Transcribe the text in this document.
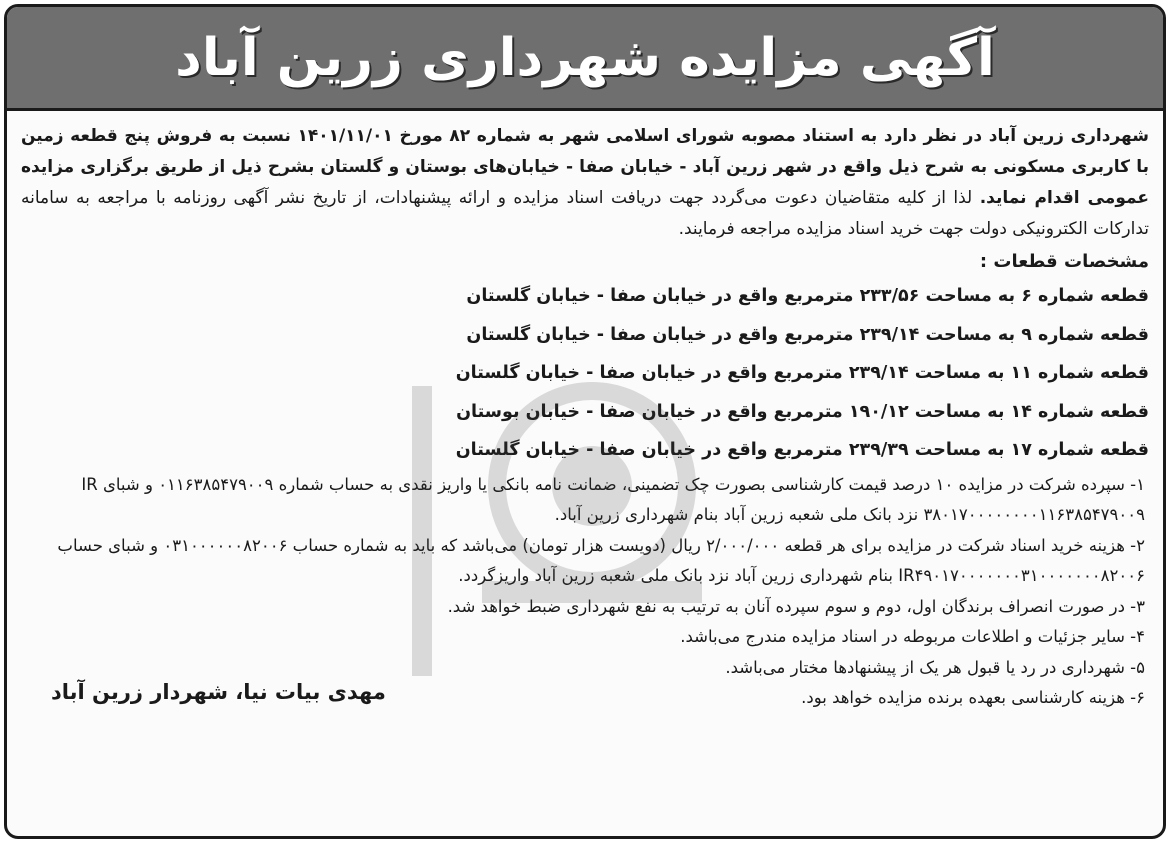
آگهی مزایده شهرداری زرین آباد

شهرداری زرین آباد در نظر دارد به استناد مصوبه شورای اسلامی شهر به شماره ۸۲ مورخ ۱۴۰۱/۱۱/۰۱ نسبت به فروش پنج قطعه زمین با کاربری مسکونی به شرح ذیل واقع در شهر زرین آباد - خیابان صفا - خیابان‌های بوستان و گلستان بشرح ذیل از طریق برگزاری مزایده عمومی اقدام نماید. لذا از کلیه متقاضیان دعوت می‌گردد جهت دریافت اسناد مزایده و ارائه پیشنهادات، از تاریخ نشر آگهی روزنامه با مراجعه به سامانه تدارکات الکترونیکی دولت جهت خرید اسناد مزایده مراجعه فرمایند.

مشخصات قطعات :
قطعه شماره ۶ به مساحت ۲۳۳/۵۶ مترمربع واقع در خیابان صفا - خیابان گلستان
قطعه شماره ۹ به مساحت ۲۳۹/۱۴ مترمربع واقع در خیابان صفا - خیابان گلستان
قطعه شماره ۱۱ به مساحت ۲۳۹/۱۴ مترمربع واقع در خیابان صفا - خیابان گلستان
قطعه شماره ۱۴ به مساحت ۱۹۰/۱۲ مترمربع واقع در خیابان صفا - خیابان بوستان
قطعه شماره ۱۷ به مساحت ۲۳۹/۳۹ مترمربع واقع در خیابان صفا - خیابان گلستان
۱- سپرده شرکت در مزایده ۱۰ درصد قیمت کارشناسی بصورت چک تضمینی، ضمانت نامه بانکی یا واریز نقدی به حساب شماره ۰۱۱۶۳۸۵۴۷۹۰۰۹ و شبای IR ۳۸۰۱۷۰۰۰۰۰۰۰۰۱۱۶۳۸۵۴۷۹۰۰۹ نزد بانک ملی شعبه زرین آباد بنام شهرداری زرین آباد.
۲- هزینه خرید اسناد شرکت در مزایده برای هر قطعه ۲/۰۰۰/۰۰۰ ریال (دویست هزار تومان) می‌باشد که باید به شماره حساب ۰۳۱۰۰۰۰۰۰۸۲۰۰۶ و شبای حساب IR۴۹۰۱۷۰۰۰۰۰۰۰۳۱۰۰۰۰۰۰۰۸۲۰۰۶ بنام شهرداری زرین آباد نزد بانک ملی شعبه زرین آباد واریزگردد.
۳- در صورت انصراف برندگان اول، دوم و سوم سپرده آنان به ترتیب به نفع شهرداری ضبط خواهد شد.
۴- سایر جزئیات و اطلاعات مربوطه در اسناد مزایده مندرج می‌باشد.
۵- شهرداری در رد یا قبول هر یک از پیشنهادها مختار می‌باشد.
۶- هزینه کارشناسی بعهده برنده مزایده خواهد بود.
مهدی بیات نیا، شهردار زرین آباد
